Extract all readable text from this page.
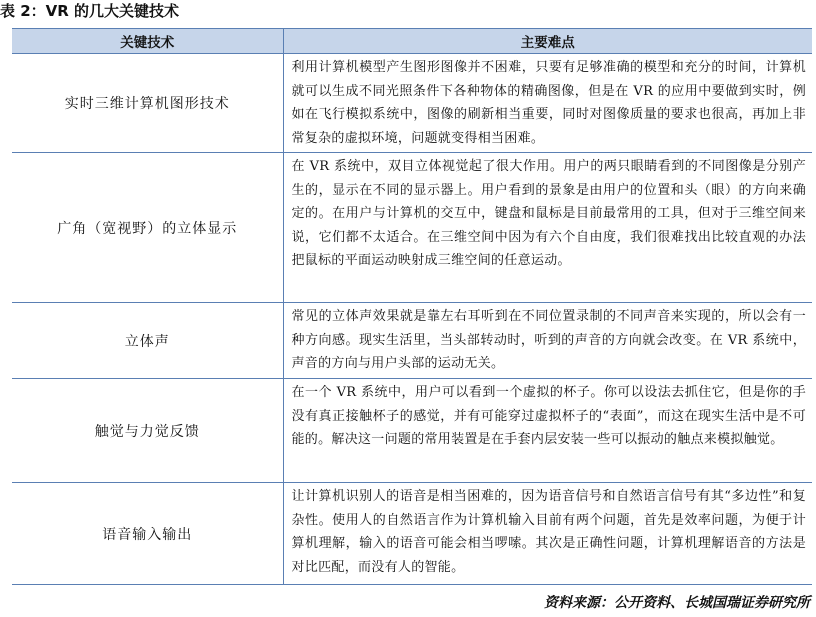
表 2：VR 的几大关键技术
关键技术	主要难点
实时三维计算机图形技术	利用计算机模型产生图形图像并不困难，只要有足够准确的模型和充分的时间，计算机就可以生成不同光照条件下各种物体的精确图像，但是在 VR 的应用中要做到实时，例如在飞行模拟系统中，图像的刷新相当重要，同时对图像质量的要求也很高，再加上非常复杂的虚拟环境，问题就变得相当困难。
广角（宽视野）的立体显示	在 VR 系统中，双目立体视觉起了很大作用。用户的两只眼睛看到的不同图像是分别产生的，显示在不同的显示器上。用户看到的景象是由用户的位置和头（眼）的方向来确定的。在用户与计算机的交互中，键盘和鼠标是目前最常用的工具，但对于三维空间来说，它们都不太适合。在三维空间中因为有六个自由度，我们很难找出比较直观的办法把鼠标的平面运动映射成三维空间的任意运动。
立体声	常见的立体声效果就是靠左右耳听到在不同位置录制的不同声音来实现的，所以会有一种方向感。现实生活里，当头部转动时，听到的声音的方向就会改变。在 VR 系统中，声音的方向与用户头部的运动无关。
触觉与力觉反馈	在一个 VR 系统中，用户可以看到一个虚拟的杯子。你可以设法去抓住它，但是你的手没有真正接触杯子的感觉，并有可能穿过虚拟杯子的“表面”，而这在现实生活中是不可能的。解决这一问题的常用装置是在手套内层安装一些可以振动的触点来模拟触觉。
语音输入输出	让计算机识别人的语音是相当困难的，因为语音信号和自然语言信号有其“多边性”和复杂性。使用人的自然语言作为计算机输入目前有两个问题，首先是效率问题，为便于计算机理解，输入的语音可能会相当啰嗦。其次是正确性问题，计算机理解语音的方法是对比匹配，而没有人的智能。
资料来源：公开资料、长城国瑞证券研究所
